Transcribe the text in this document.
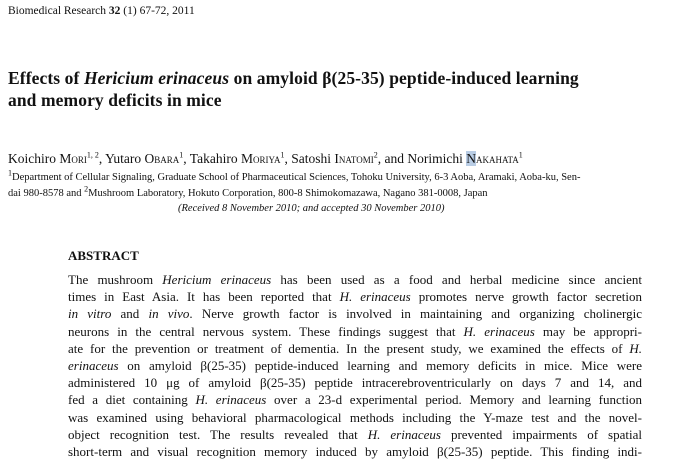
Biomedical Research 32 (1) 67-72, 2011
Effects of Hericium erinaceus on amyloid β(25-35) peptide-induced learning
and memory deficits in mice
Koichiro Mori$^{1, 2}$, Yutaro Obara$^1$, Takahiro Moriya$^1$, Satoshi Inatomi$^2$, and Norimichi Nakahata$^1$
$^1$Department of Cellular Signaling, Graduate School of Pharmaceutical Sciences, Tohoku University, 6-3 Aoba, Aramaki, Aoba-ku, Sen-
dai 980-8578 and $^2$Mushroom Laboratory, Hokuto Corporation, 800-8 Shimokomazawa, Nagano 381-0008, Japan
(Received 8 November 2010; and accepted 30 November 2010)
ABSTRACT
The mushroom Hericium erinaceus has been used as a food and herbal medicine since ancient
times in East Asia. It has been reported that H. erinaceus promotes nerve growth factor secretion
in vitro and in vivo. Nerve growth factor is involved in maintaining and organizing cholinergic
neurons in the central nervous system. These findings suggest that H. erinaceus may be appropri-
ate for the prevention or treatment of dementia. In the present study, we examined the effects of H.
erinaceus on amyloid β(25-35) peptide-induced learning and memory deficits in mice. Mice were
administered 10 μg of amyloid β(25-35) peptide intracerebroventricularly on days 7 and 14, and
fed a diet containing H. erinaceus over a 23-d experimental period. Memory and learning function
was examined using behavioral pharmacological methods including the Y-maze test and the novel-
object recognition test. The results revealed that H. erinaceus prevented impairments of spatial
short-term and visual recognition memory induced by amyloid β(25-35) peptide. This finding indi-
